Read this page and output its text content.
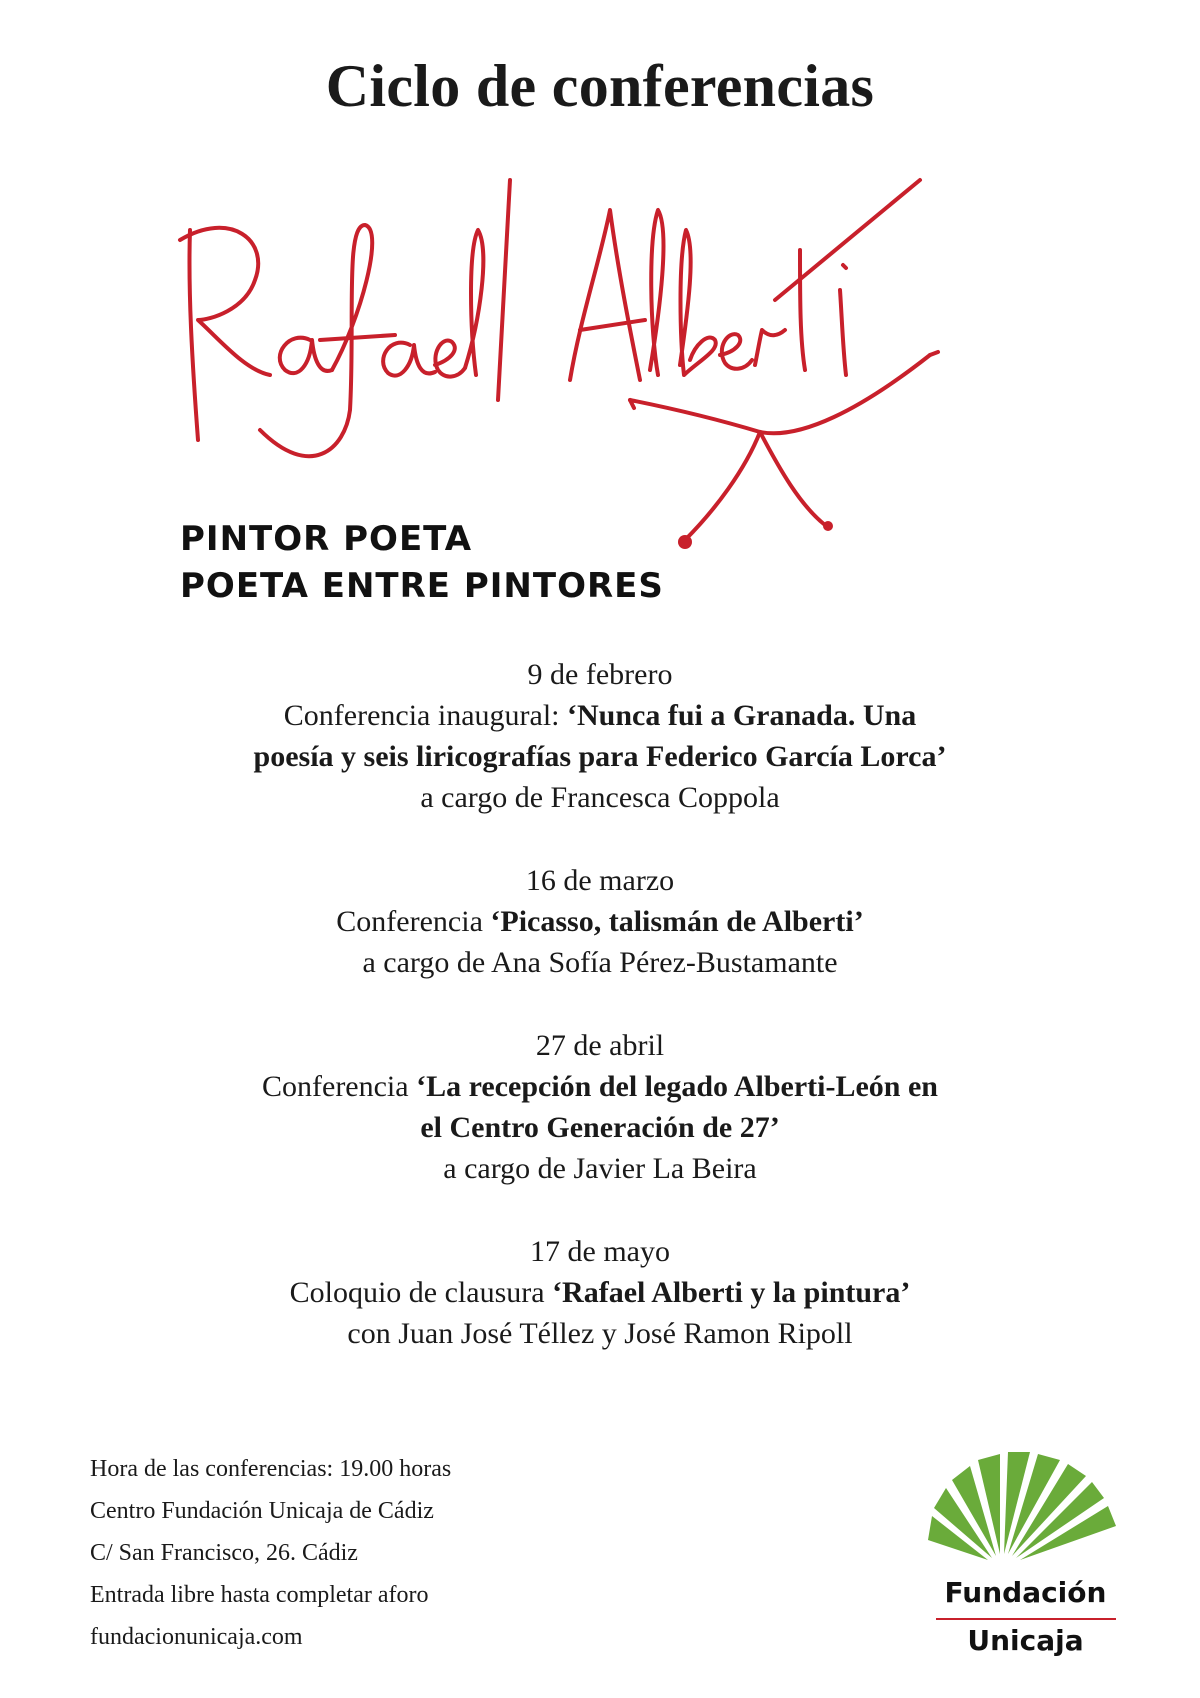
Ciclo de conferencias
PINTOR POETA
POETA ENTRE PINTORES
9 de febrero
Conferencia inaugural: ‘Nunca fui a Granada. Una
poesía y seis liricografías para Federico García Lorca’
a cargo de Francesca Coppola
16 de marzo
Conferencia ‘Picasso, talismán de Alberti’
a cargo de Ana Sofía Pérez-Bustamante
27 de abril
Conferencia ‘La recepción del legado Alberti-León en
el Centro Generación de 27’
a cargo de Javier La Beira
17 de mayo
Coloquio de clausura ‘Rafael Alberti y la pintura’
con Juan José Téllez y José Ramon Ripoll
Hora de las conferencias: 19.00 horas
Centro Fundación Unicaja de Cádiz
C/ San Francisco, 26. Cádiz
Entrada libre hasta completar aforo
fundacionunicaja.com
Fundación
Unicaja
